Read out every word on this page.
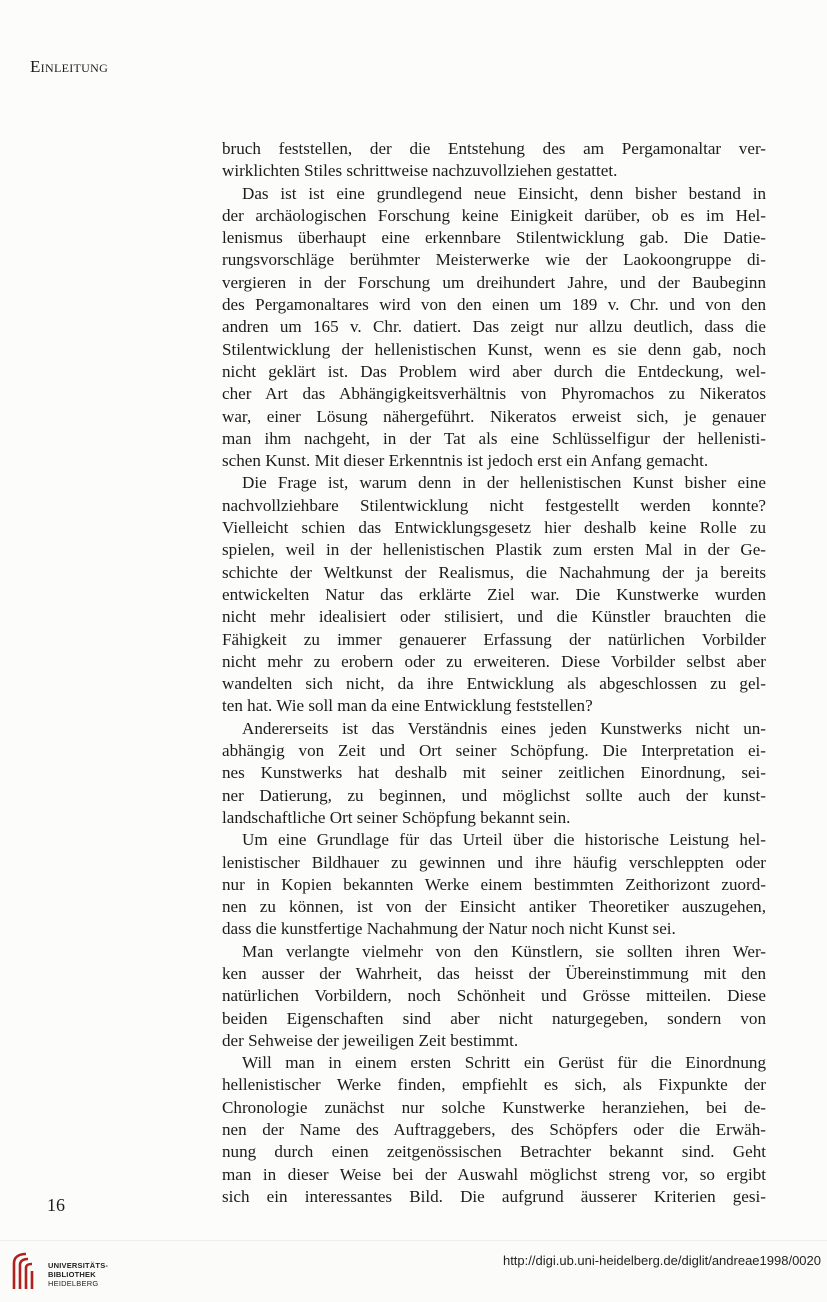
Einleitung
bruch feststellen, der die Entstehung des am Pergamonaltar ver-
wirklichten Stiles schrittweise nachzuvollziehen gestattet.
Das ist ist eine grundlegend neue Einsicht, denn bisher bestand in
der archäologischen Forschung keine Einigkeit darüber, ob es im Hel-
lenismus überhaupt eine erkennbare Stilentwicklung gab. Die Datie-
rungsvorschläge berühmter Meisterwerke wie der Laokoongruppe di-
vergieren in der Forschung um dreihundert Jahre, und der Baubeginn
des Pergamonaltares wird von den einen um 189 v. Chr. und von den
andren um 165 v. Chr. datiert. Das zeigt nur allzu deutlich, dass die
Stilentwicklung der hellenistischen Kunst, wenn es sie denn gab, noch
nicht geklärt ist. Das Problem wird aber durch die Entdeckung, wel-
cher Art das Abhängigkeitsverhältnis von Phyromachos zu Nikeratos
war, einer Lösung nähergeführt. Nikeratos erweist sich, je genauer
man ihm nachgeht, in der Tat als eine Schlüsselfigur der hellenisti-
schen Kunst. Mit dieser Erkenntnis ist jedoch erst ein Anfang gemacht.
Die Frage ist, warum denn in der hellenistischen Kunst bisher eine
nachvollziehbare Stilentwicklung nicht festgestellt werden konnte?
Vielleicht schien das Entwicklungsgesetz hier deshalb keine Rolle zu
spielen, weil in der hellenistischen Plastik zum ersten Mal in der Ge-
schichte der Weltkunst der Realismus, die Nachahmung der ja bereits
entwickelten Natur das erklärte Ziel war. Die Kunstwerke wurden
nicht mehr idealisiert oder stilisiert, und die Künstler brauchten die
Fähigkeit zu immer genauerer Erfassung der natürlichen Vorbilder
nicht mehr zu erobern oder zu erweiteren. Diese Vorbilder selbst aber
wandelten sich nicht, da ihre Entwicklung als abgeschlossen zu gel-
ten hat. Wie soll man da eine Entwicklung feststellen?
Andererseits ist das Verständnis eines jeden Kunstwerks nicht un-
abhängig von Zeit und Ort seiner Schöpfung. Die Interpretation ei-
nes Kunstwerks hat deshalb mit seiner zeitlichen Einordnung, sei-
ner Datierung, zu beginnen, und möglichst sollte auch der kunst-
landschaftliche Ort seiner Schöpfung bekannt sein.
Um eine Grundlage für das Urteil über die historische Leistung hel-
lenistischer Bildhauer zu gewinnen und ihre häufig verschleppten oder
nur in Kopien bekannten Werke einem bestimmten Zeithorizont zuord-
nen zu können, ist von der Einsicht antiker Theoretiker auszugehen,
dass die kunstfertige Nachahmung der Natur noch nicht Kunst sei.
Man verlangte vielmehr von den Künstlern, sie sollten ihren Wer-
ken ausser der Wahrheit, das heisst der Übereinstimmung mit den
natürlichen Vorbildern, noch Schönheit und Grösse mitteilen. Diese
beiden Eigenschaften sind aber nicht naturgegeben, sondern von
der Sehweise der jeweiligen Zeit bestimmt.
Will man in einem ersten Schritt ein Gerüst für die Einordnung
hellenistischer Werke finden, empfiehlt es sich, als Fixpunkte der
Chronologie zunächst nur solche Kunstwerke heranziehen, bei de-
nen der Name des Auftraggebers, des Schöpfers oder die Erwäh-
nung durch einen zeitgenössischen Betrachter bekannt sind. Geht
man in dieser Weise bei der Auswahl möglichst streng vor, so ergibt
sich ein interessantes Bild. Die aufgrund äusserer Kriterien gesi-
16
UNIVERSITÄTS-
BIBLIOTHEK
HEIDELBERG
http://digi.ub.uni-heidelberg.de/diglit/andreae1998/0020
